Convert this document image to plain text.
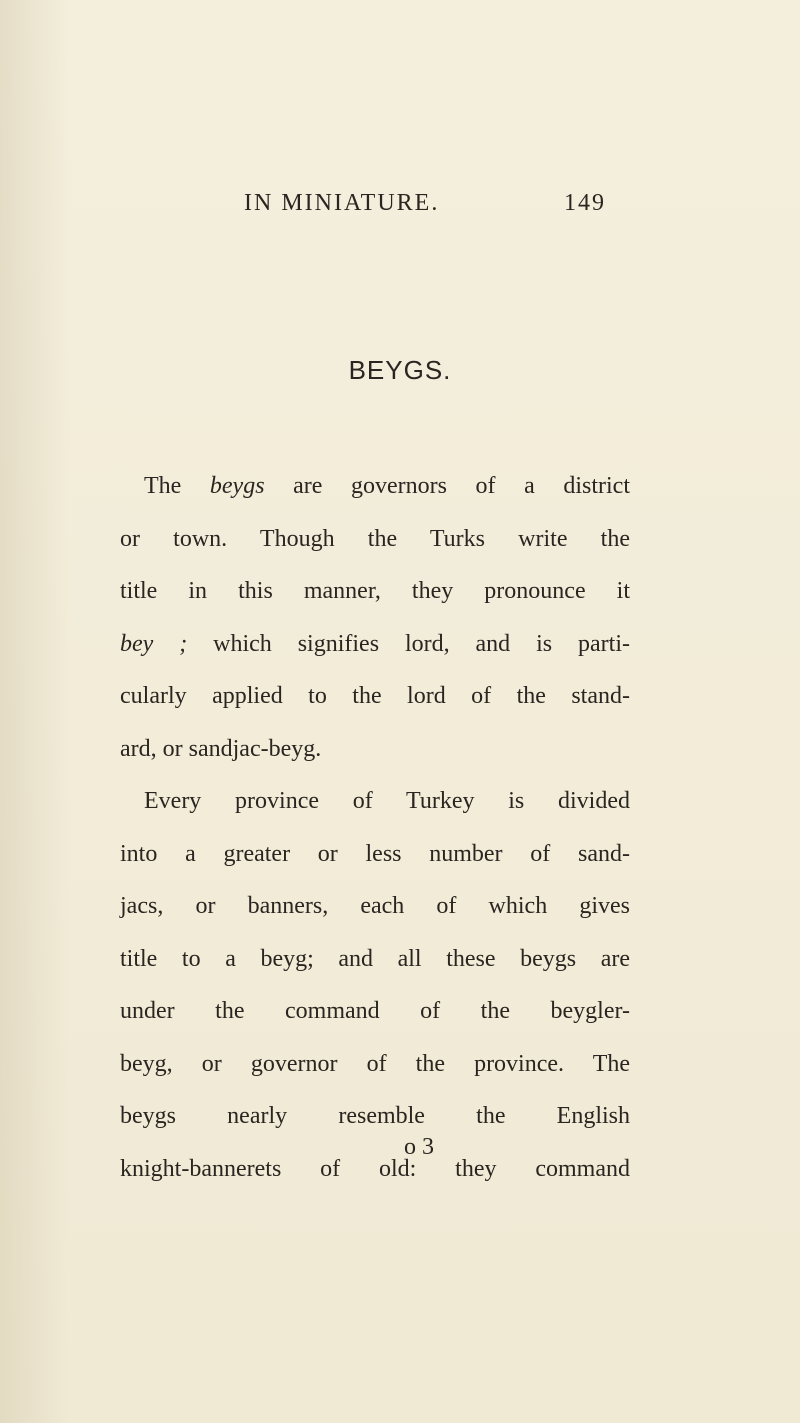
IN MINIATURE.	149
BEYGS.
The beygs are governors of a district
or town. Though the Turks write the
title in this manner, they pronounce it
bey ; which signifies lord, and is parti-
cularly applied to the lord of the stand-
ard, or sandjac-beyg.
Every province of Turkey is divided
into a greater or less number of sand-
jacs, or banners, each of which gives
title to a beyg; and all these beygs are
under the command of the beygler-
beyg, or governor of the province. The
beygs nearly resemble the English
knight-bannerets of old: they command
o 3
